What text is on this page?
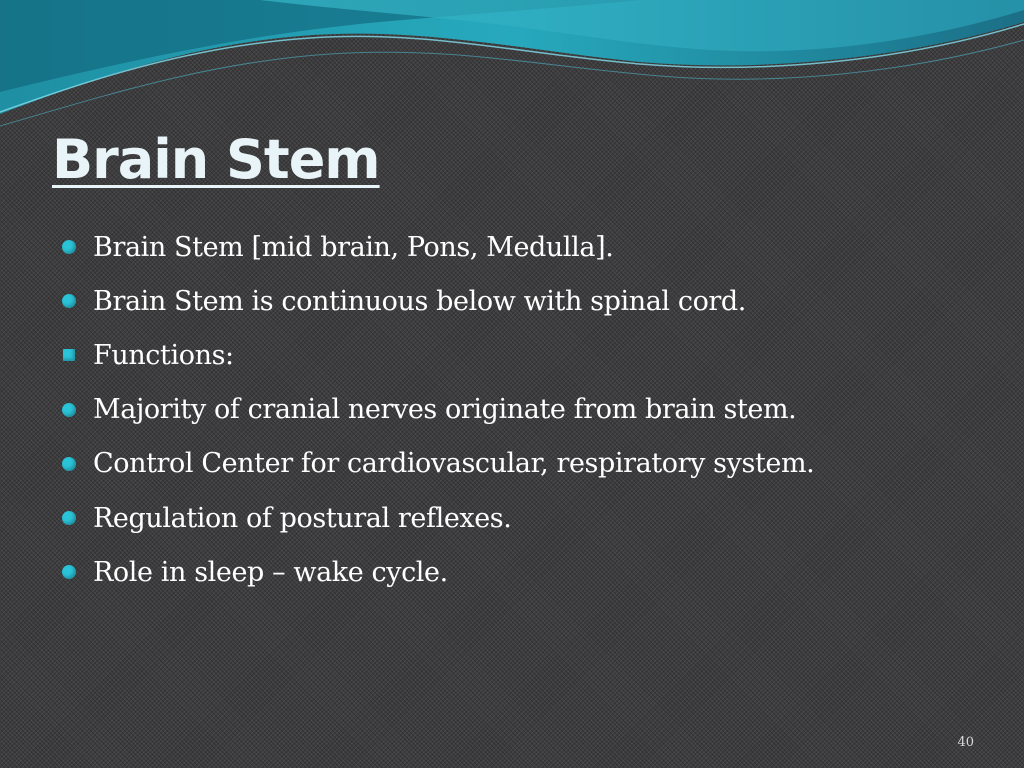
Brain Stem
Brain Stem [mid brain, Pons, Medulla].
Brain Stem is continuous below with spinal cord.
Functions:
Majority of cranial nerves originate from brain stem.
Control Center for cardiovascular, respiratory system.
Regulation of postural reflexes.
Role in sleep – wake cycle.
40
